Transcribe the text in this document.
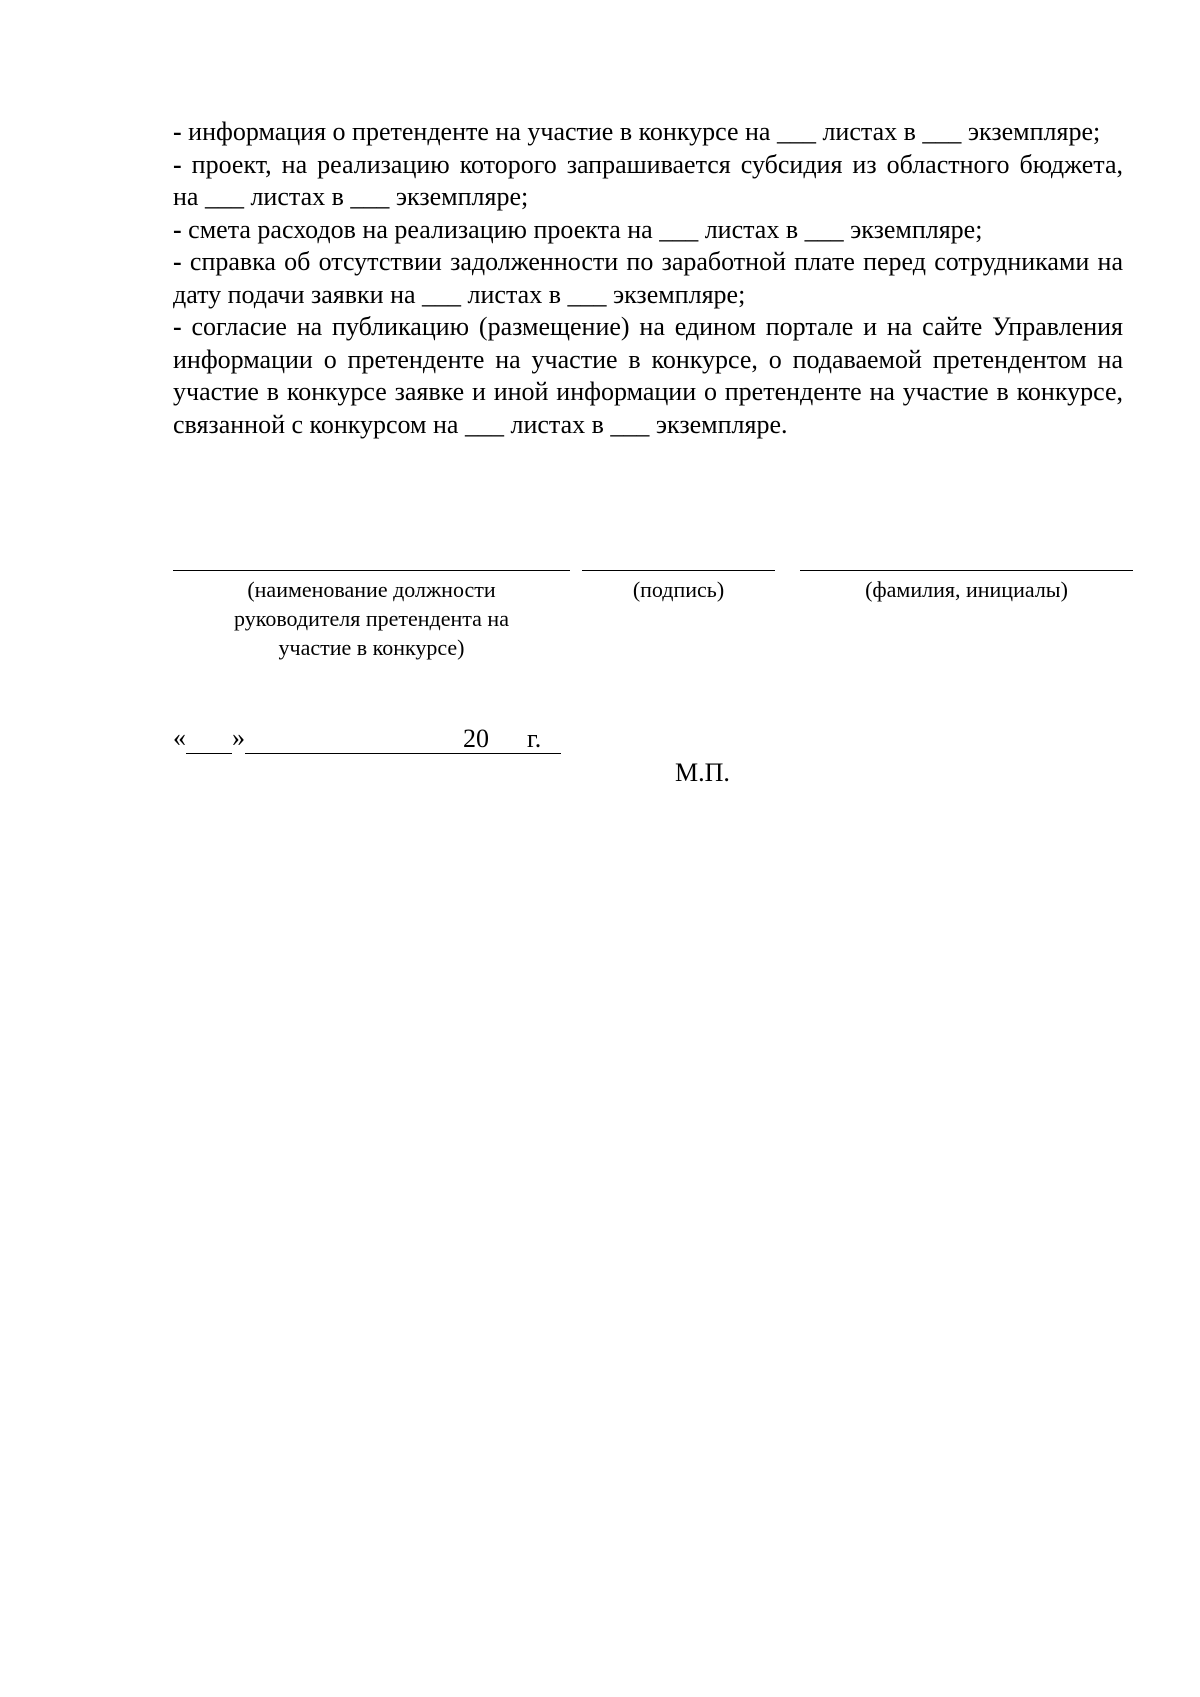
- информация о претенденте на участие в конкурсе на ___ листах в ___ экземпляре;

- проект, на реализацию которого запрашивается субсидия из областного бюджета, на ___ листах в ___ экземпляре;

- смета расходов на реализацию проекта на ___ листах в ___ экземпляре;

- справка об отсутствии задолженности по заработной плате перед сотрудниками на дату подачи заявки на ___ листах в ___ экземпляре;

- согласие на публикацию (размещение) на едином портале и на сайте Управления информации о претенденте на участие в конкурсе, о подаваемой претендентом на участие в конкурсе заявке и иной информации о претенденте на участие в конкурсе, связанной с конкурсом на ___ листах в ___ экземпляре.

(наименование должности руководителя претендента на участие в конкурсе)
(подпись)	(фамилия, инициалы)
« »	20 г.
М.П.
